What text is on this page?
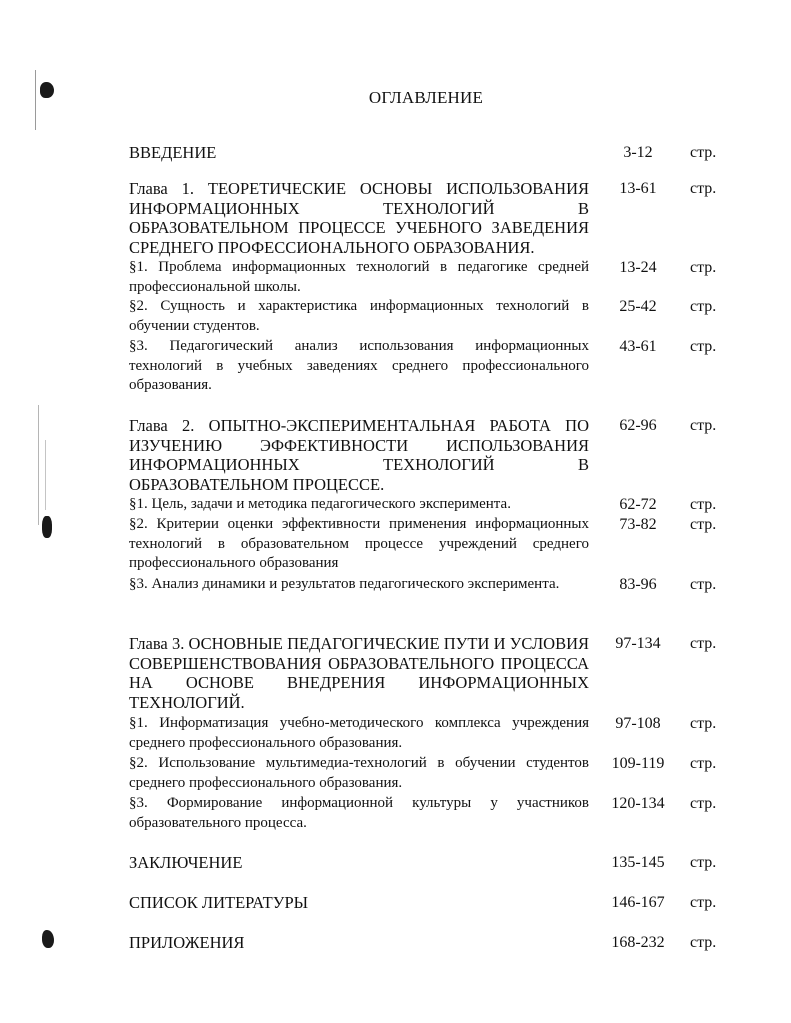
ОГЛАВЛЕНИЕ
ВВЕДЕНИЕ	3-12	стр.
Глава 1. ТЕОРЕТИЧЕСКИЕ ОСНОВЫ ИСПОЛЬЗОВАНИЯ ИНФОРМАЦИОННЫХ ТЕХНОЛОГИЙ В ОБРАЗОВАТЕЛЬНОМ ПРОЦЕССЕ УЧЕБНОГО ЗАВЕДЕНИЯ СРЕДНЕГО ПРОФЕССИОНАЛЬНОГО ОБРАЗОВАНИЯ.
13-61	стр.
§1. Проблема информационных технологий в педагогике средней профессиональной школы.
13-24	стр.
§2. Сущность и характеристика информационных технологий в обучении студентов.
25-42	стр.
§3. Педагогический анализ использования информационных технологий в учебных заведениях среднего профессионального образования.
43-61	стр.
Глава 2. ОПЫТНО-ЭКСПЕРИМЕНТАЛЬНАЯ РАБОТА ПО ИЗУЧЕНИЮ ЭФФЕКТИВНОСТИ ИСПОЛЬЗОВАНИЯ ИНФОРМАЦИОННЫХ ТЕХНОЛОГИЙ В ОБРАЗОВАТЕЛЬНОМ ПРОЦЕССЕ.
62-96	стр.
§1. Цель, задачи и методика педагогического эксперимента.	62-72	стр.
§2. Критерии оценки эффективности применения информационных технологий в образовательном процессе учреждений среднего профессионального образования
73-82	стр.
§3. Анализ динамики и результатов педагогического эксперимента.	83-96	стр.
Глава 3. ОСНОВНЫЕ ПЕДАГОГИЧЕСКИЕ ПУТИ И УСЛОВИЯ СОВЕРШЕНСТВОВАНИЯ ОБРАЗОВАТЕЛЬНОГО ПРОЦЕССА НА ОСНОВЕ ВНЕДРЕНИЯ ИНФОРМАЦИОННЫХ ТЕХНОЛОГИЙ.
97-134	стр.
§1. Информатизация учебно-методического комплекса учреждения среднего профессионального образования.
97-108	стр.
§2. Использование мультимедиа-технологий в обучении студентов среднего профессионального образования.
109-119	стр.
§3. Формирование информационной культуры у участников образовательного процесса.
120-134	стр.
ЗАКЛЮЧЕНИЕ	135-145	стр.
СПИСОК ЛИТЕРАТУРЫ	146-167	стр.
ПРИЛОЖЕНИЯ	168-232	стр.
